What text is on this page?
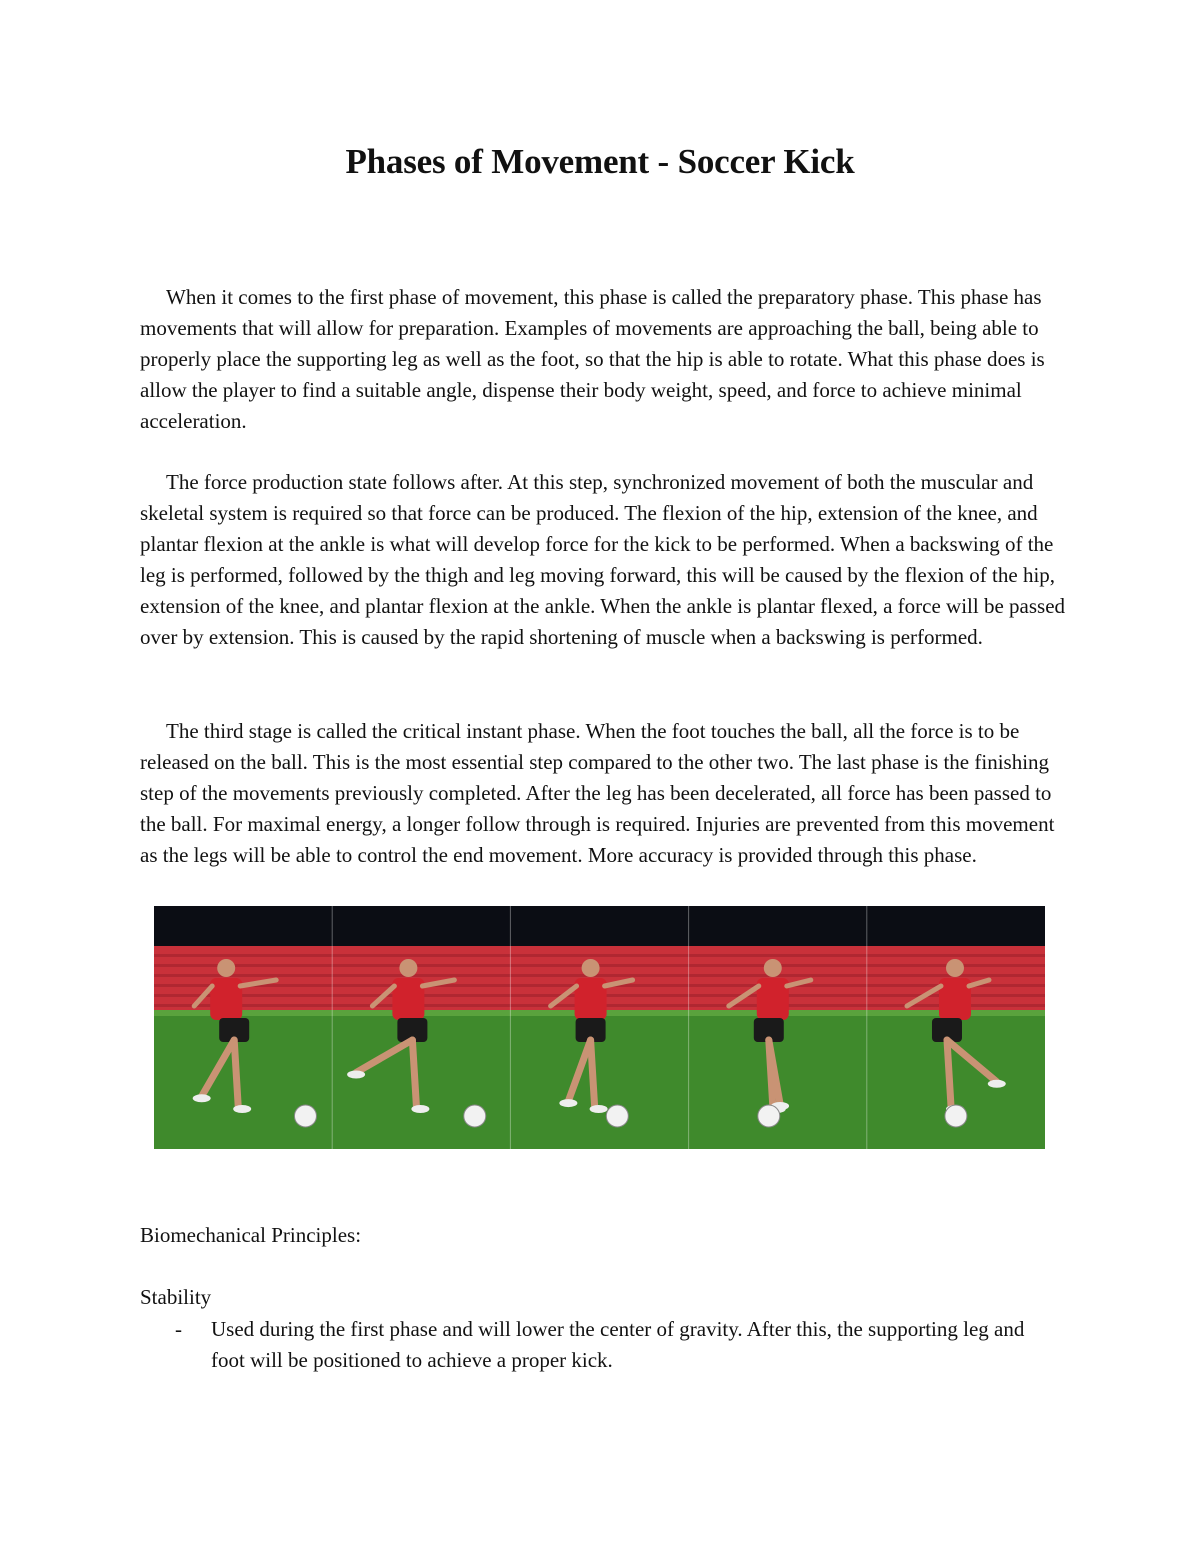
Phases of Movement - Soccer Kick

When it comes to the first phase of movement, this phase is called the preparatory phase. This phase has movements that will allow for preparation. Examples of movements are approaching the ball, being able to properly place the supporting leg as well as the foot, so that the hip is able to rotate. What this phase does is allow the player to find a suitable angle, dispense their body weight, speed, and force to achieve minimal acceleration.

The force production state follows after. At this step, synchronized movement of both the muscular and skeletal system is required so that force can be produced. The flexion of the hip, extension of the knee, and plantar flexion at the ankle is what will develop force for the kick to be performed. When a backswing of the leg is performed, followed by the thigh and leg moving forward, this will be caused by the flexion of the hip, extension of the knee, and plantar flexion at the ankle. When the ankle is plantar flexed, a force will be passed over by extension. This is caused by the rapid shortening of muscle when a backswing is performed.

The third stage is called the critical instant phase. When the foot touches the ball, all the force is to be released on the ball. This is the most essential step compared to the other two. The last phase is the finishing step of the movements previously completed. After the leg has been decelerated, all force has been passed to the ball. For maximal energy, a longer follow through is required. Injuries are prevented from this movement as the legs will be able to control the end movement. More accuracy is provided through this phase.

Biomechanical Principles:

Stability

- Used during the first phase and will lower the center of gravity. After this, the supporting leg and foot will be positioned to achieve a proper kick.
